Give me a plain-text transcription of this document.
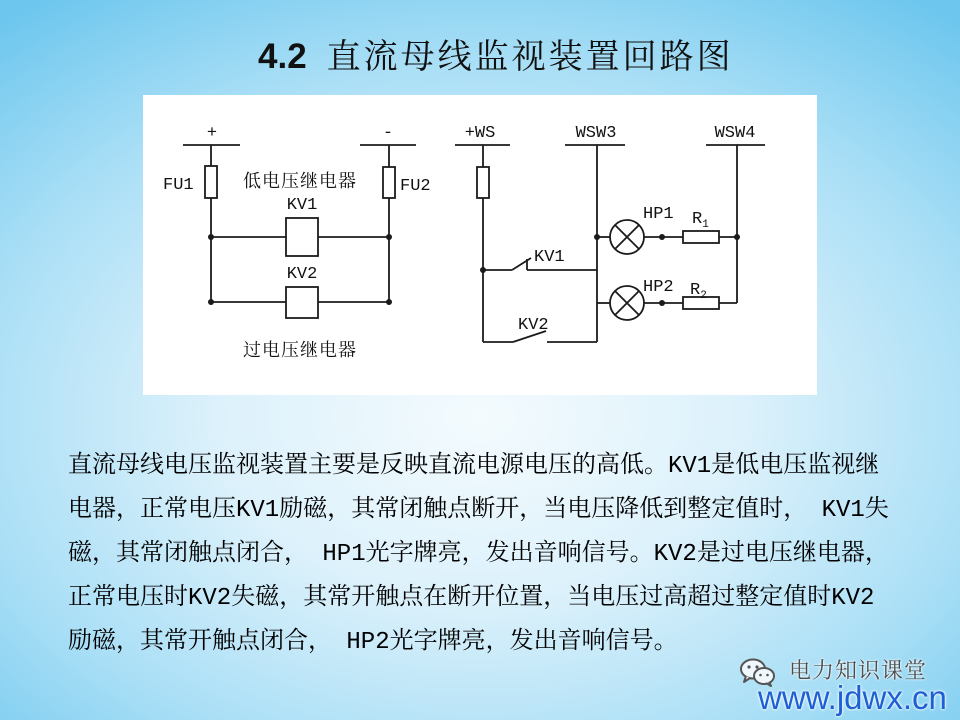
4.2 直流母线监视装置回路图
+	-
FU1	FU2
低电压继电器
KV1
KV2
过电压继电器
+WS	WSW3	WSW4
HP1 $R_1$
HP2 $R_2$
KV1
KV2
直流母线电压监视装置主要是反映直流电源电压的高低。KV1是低电压监视继
电器，正常电压KV1励磁，其常闭触点断开，当电压降低到整定值时， KV1失
磁，其常闭触点闭合， HP1光字牌亮，发出音响信号。KV2是过电压继电器，
正常电压时KV2失磁，其常开触点在断开位置，当电压过高超过整定值时KV2
励磁，其常开触点闭合， HP2光字牌亮，发出音响信号。
电力知识课堂
www.jdwx.cn
